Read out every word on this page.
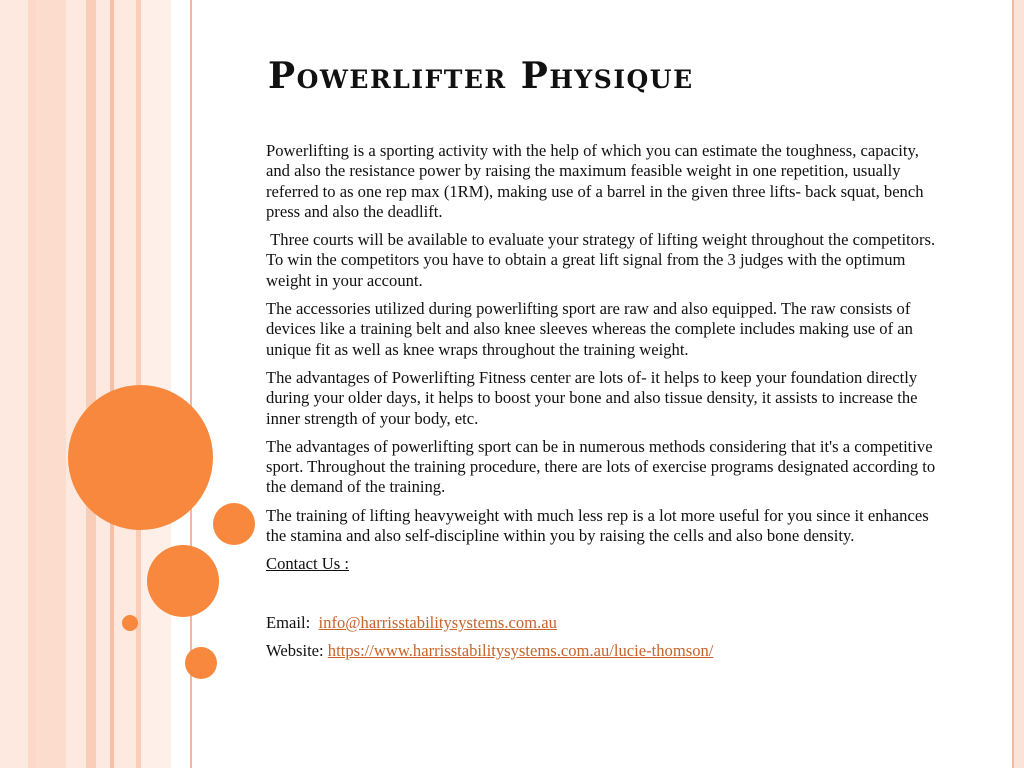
Powerlifter Physique

Powerlifting is a sporting activity with the help of which you can estimate the toughness, capacity, and also the resistance power by raising the maximum feasible weight in one repetition, usually referred to as one rep max (1RM), making use of a barrel in the given three lifts- back squat, bench press and also the deadlift.

Three courts will be available to evaluate your strategy of lifting weight throughout the competitors. To win the competitors you have to obtain a great lift signal from the 3 judges with the optimum weight in your account.

The accessories utilized during powerlifting sport are raw and also equipped. The raw consists of devices like a training belt and also knee sleeves whereas the complete includes making use of an unique fit as well as knee wraps throughout the training weight.

The advantages of Powerlifting Fitness center are lots of- it helps to keep your foundation directly during your older days, it helps to boost your bone and also tissue density, it assists to increase the inner strength of your body, etc.

The advantages of powerlifting sport can be in numerous methods considering that it's a competitive sport. Throughout the training procedure, there are lots of exercise programs designated according to the demand of the training.

The training of lifting heavyweight with much less rep is a lot more useful for you since it enhances the stamina and also self-discipline within you by raising the cells and also bone density.

Contact Us :

Email:  info@harrisstabilitysystems.com.au

Website: https://www.harrisstabilitysystems.com.au/lucie-thomson/
